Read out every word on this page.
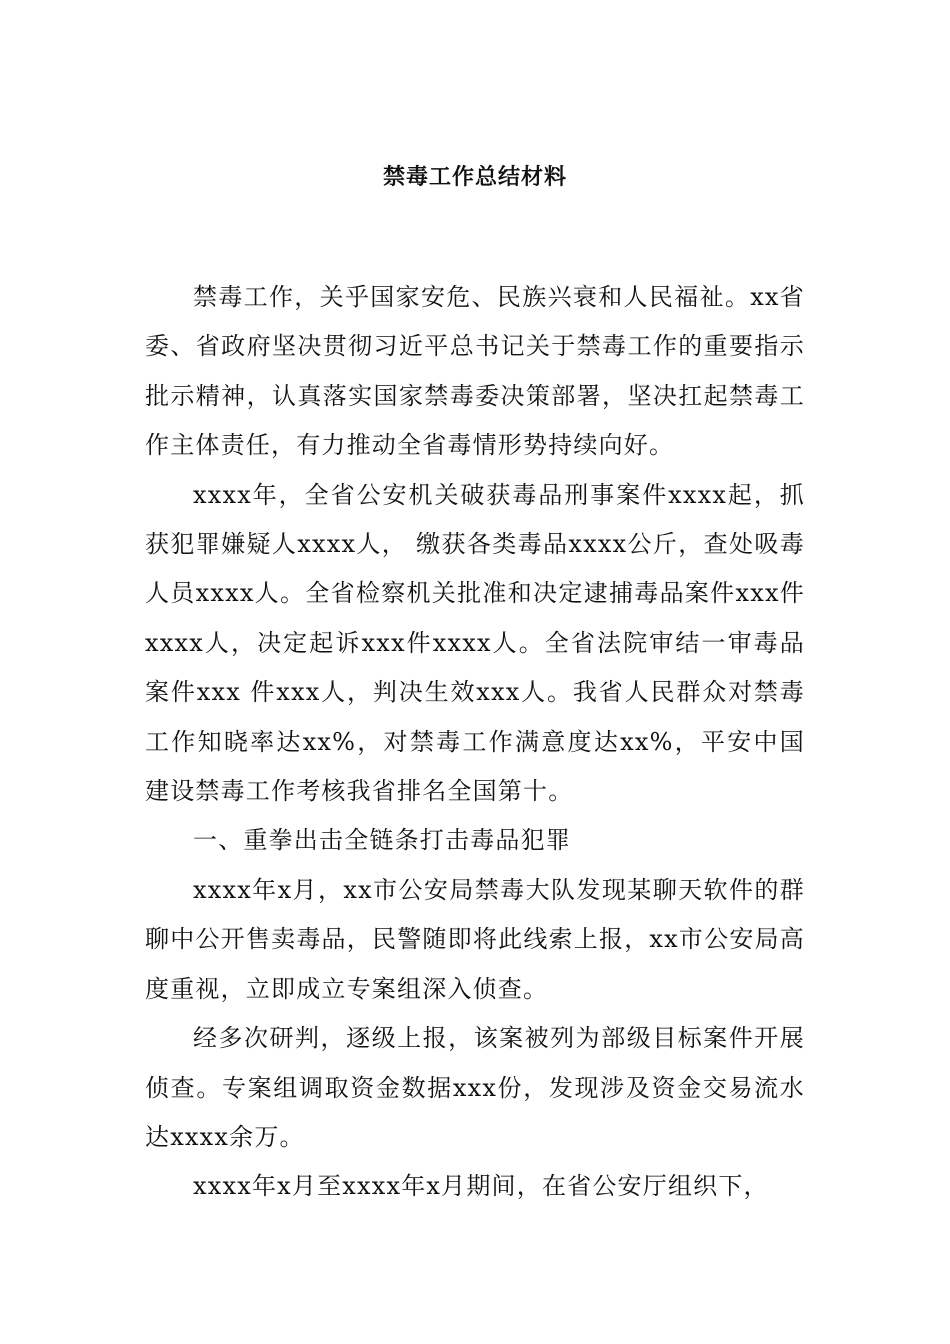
禁毒工作总结材料

禁毒工作，关乎国家安危、民族兴衰和人民福祉。xx省委、省政府坚决贯彻习近平总书记关于禁毒工作的重要指示批示精神，认真落实国家禁毒委决策部署，坚决扛起禁毒工作主体责任，有力推动全省毒情形势持续向好。

xxxx年，全省公安机关破获毒品刑事案件xxxx起，抓获犯罪嫌疑人xxxx人， 缴获各类毒品xxxx公斤，查处吸毒人员xxxx人。全省检察机关批准和决定逮捕毒品案件xxx件xxxx人，决定起诉xxx件xxxx人。全省法院审结一审毒品案件xxx 件xxx人，判决生效xxx人。我省人民群众对禁毒工作知晓率达xx%，对禁毒工作满意度达xx%，平安中国建设禁毒工作考核我省排名全国第十。

一、重拳出击全链条打击毒品犯罪

xxxx年x月，xx市公安局禁毒大队发现某聊天软件的群聊中公开售卖毒品，民警随即将此线索上报，xx市公安局高度重视，立即成立专案组深入侦查。

经多次研判，逐级上报，该案被列为部级目标案件开展侦查。专案组调取资金数据xxx份，发现涉及资金交易流水达xxxx余万。

xxxx年x月至xxxx年x月期间，在省公安厅组织下，
